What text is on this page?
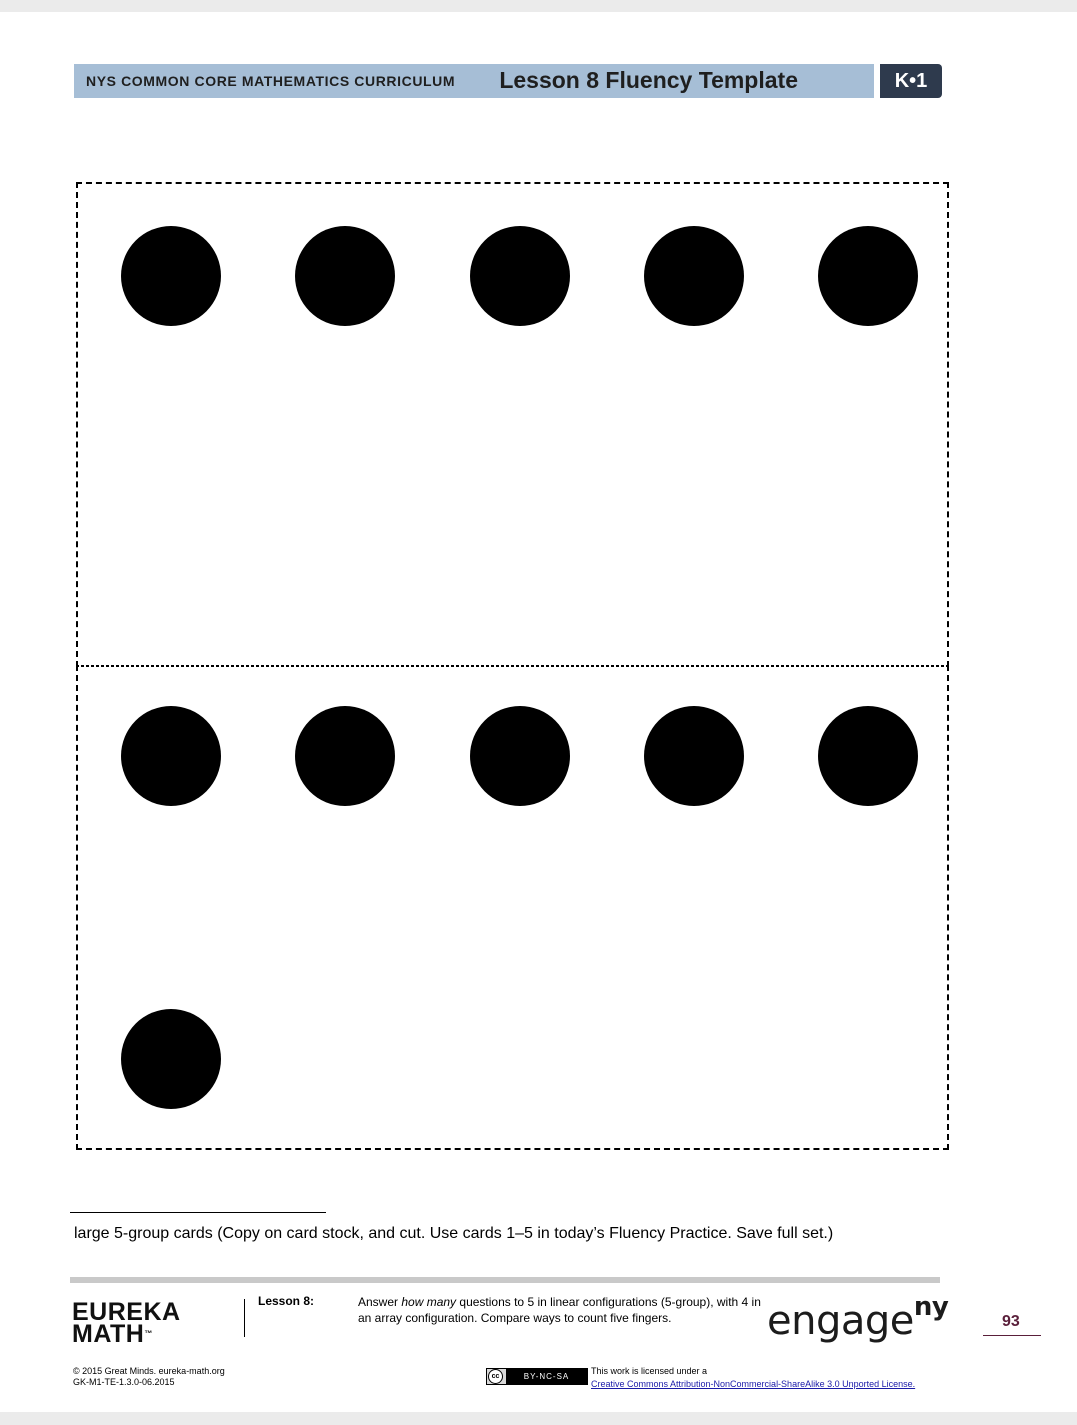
NYS COMMON CORE MATHEMATICS CURRICULUM Lesson 8 Fluency Template	K•1
large 5-group cards (Copy on card stock, and cut. Use cards 1–5 in today’s Fluency Practice. Save full set.)
EUREKA
MATH™
Lesson 8:	Answer how many questions to 5 in linear configurations (5-group), with 4 in an array configuration. Compare ways to count five fingers.	engage$^{ny}$	93
© 2015 Great Minds. eureka-math.org
GK-M1-TE-1.3.0-06.2015
cc	BY-NC-SA
This work is licensed under a
Creative Commons Attribution-NonCommercial-ShareAlike 3.0 Unported License.
